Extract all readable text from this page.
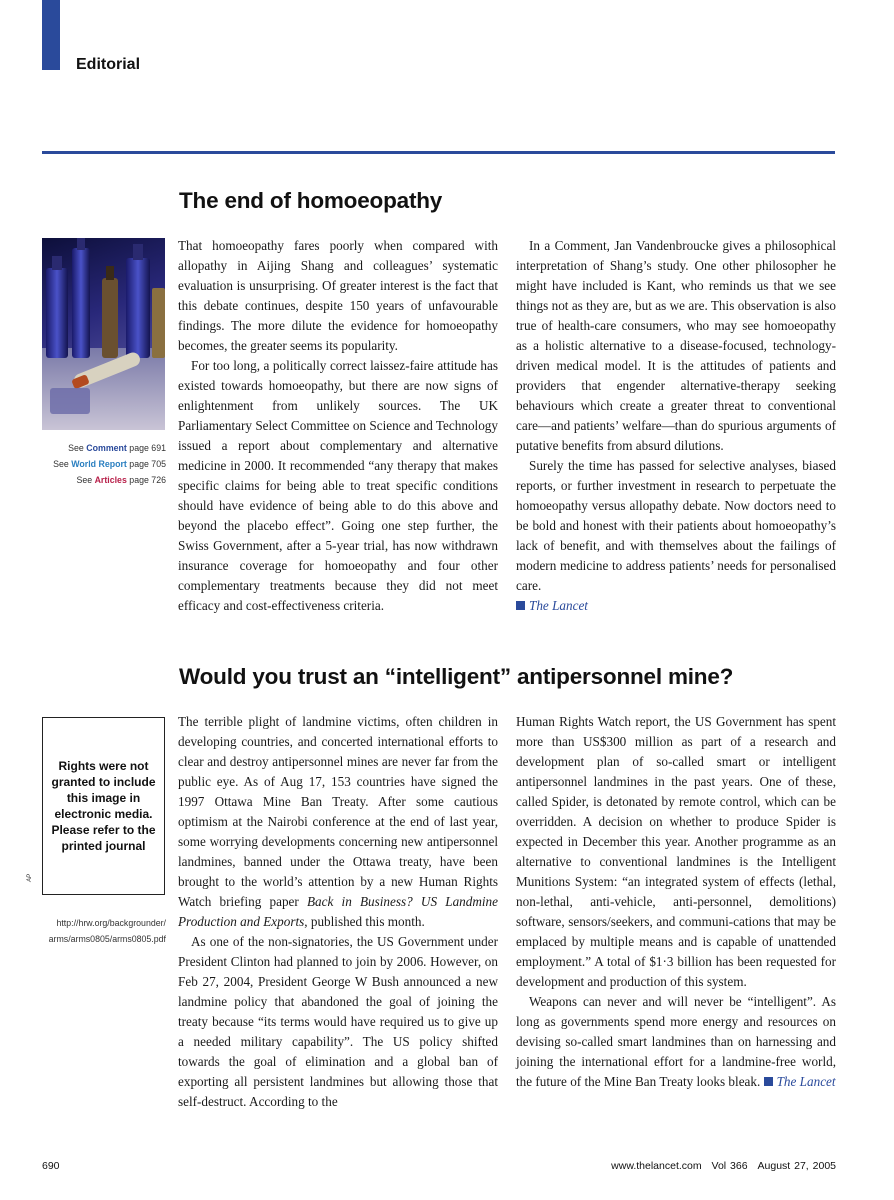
Editorial
The end of homoeopathy
See Comment page 691
See World Report page 705
See Articles page 726

That homoeopathy fares poorly when compared with allopathy in Aijing Shang and colleagues’ systematic evaluation is unsurprising. Of greater interest is the fact that this debate continues, despite 150 years of unfavourable findings. The more dilute the evidence for homoeopathy becomes, the greater seems its popularity.

For too long, a politically correct laissez-faire attitude has existed towards homoeopathy, but there are now signs of enlightenment from unlikely sources. The UK Parliamentary Select Committee on Science and Technology issued a report about complementary and alternative medicine in 2000. It recommended “any therapy that makes specific claims for being able to treat specific conditions should have evidence of being able to do this above and beyond the placebo effect”. Going one step further, the Swiss Government, after a 5-year trial, has now withdrawn insurance coverage for homoeopathy and four other complementary treatments because they did not meet efficacy and cost-effectiveness criteria.

In a Comment, Jan Vandenbroucke gives a philosophical interpretation of Shang’s study. One other philosopher he might have included is Kant, who reminds us that we see things not as they are, but as we are. This observation is also true of health-care consumers, who may see homoeopathy as a holistic alternative to a disease-focused, technology-driven medical model. It is the attitudes of patients and providers that engender alternative-therapy seeking behaviours which create a greater threat to conventional care—and patients’ welfare—than do spurious arguments of putative benefits from absurd dilutions.

Surely the time has passed for selective analyses, biased reports, or further investment in research to perpetuate the homoeopathy versus allopathy debate. Now doctors need to be bold and honest with their patients about homoeopathy’s lack of benefit, and with themselves about the failings of modern medicine to address patients’ needs for personalised care.

The Lancet
Would you trust an “intelligent” antipersonnel mine?
Rights were not
granted to include
this image in
electronic media.
Please refer to the
printed journal
AP
http://hrw.org/backgrounder/
arms/arms0805/arms0805.pdf

The terrible plight of landmine victims, often children in developing countries, and concerted international efforts to clear and destroy antipersonnel mines are never far from the public eye. As of Aug 17, 153 countries have signed the 1997 Ottawa Mine Ban Treaty. After some cautious optimism at the Nairobi conference at the end of last year, some worrying developments concerning new antipersonnel landmines, banned under the Ottawa treaty, have been brought to the world’s attention by a new Human Rights Watch briefing paper Back in Business? US Landmine Production and Exports, published this month.

As one of the non-signatories, the US Government under President Clinton had planned to join by 2006. However, on Feb 27, 2004, President George W Bush announced a new landmine policy that abandoned the goal of joining the treaty because “its terms would have required us to give up a needed military capability”. The US policy shifted towards the goal of elimination and a global ban of exporting all persistent landmines but allowing those that self-destruct. According to the

Human Rights Watch report, the US Government has spent more than US$300 million as part of a research and development plan of so-called smart or intelligent antipersonnel landmines in the past years. One of these, called Spider, is detonated by remote control, which can be overridden. A decision on whether to produce Spider is expected in December this year. Another programme as an alternative to conventional landmines is the Intelligent Munitions System: “an integrated system of effects (lethal, non-lethal, anti-vehicle, anti-personnel, demolitions) software, sensors/seekers, and communi-cations that may be emplaced by multiple means and is capable of unattended employment.” A total of $1·3 billion has been requested for development and production of this system.

Weapons can never and will never be “intelligent”. As long as governments spend more energy and resources on devising so-called smart landmines than on harnessing and joining the international effort for a landmine-free world, the future of the Mine Ban Treaty looks bleak. The Lancet

690	www.thelancet.com Vol 366 August 27, 2005
